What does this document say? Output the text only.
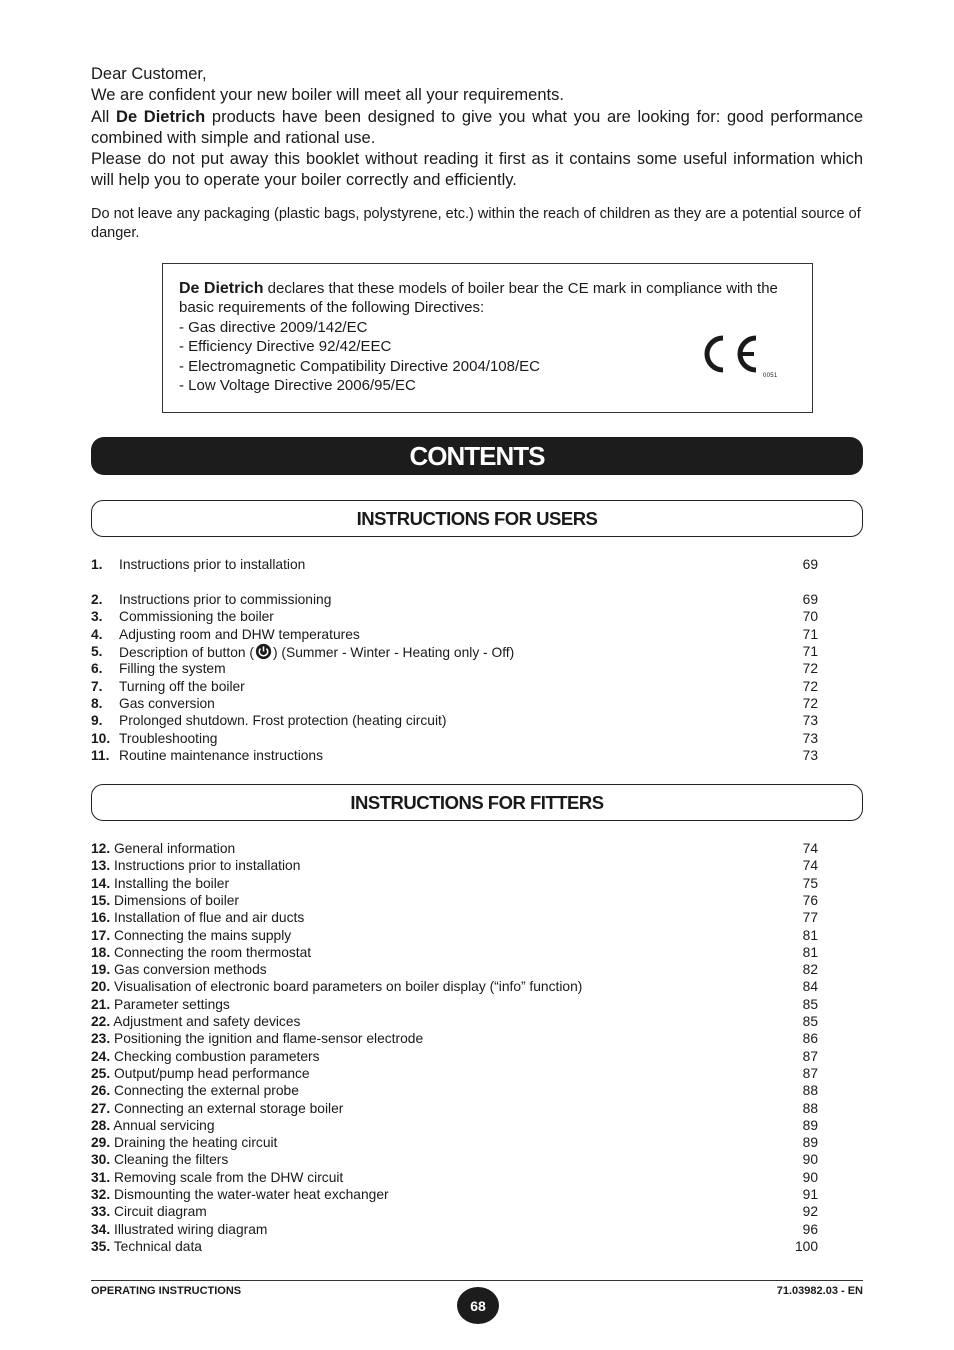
Dear Customer,

We are confident your new boiler will meet all your requirements.

All De Dietrich products have been designed to give you what you are looking for: good performance combined with simple and rational use.

Please do not put away this booklet without reading it first as it contains some useful information which will help you to operate your boiler correctly and efficiently.

Do not leave any packaging (plastic bags, polystyrene, etc.) within the reach of children as they are a potential source of danger.

De Dietrich declares that these models of boiler bear the CE mark in compliance with the basic requirements of the following Directives:

- Gas directive 2009/142/EC
- Efficiency Directive 92/42/EEC
- Electromagnetic Compatibility Directive 2004/108/EC
- Low Voltage Directive 2006/95/EC
0051
CONTENTS
INSTRUCTIONS FOR USERS
1. Instructions prior to installation	69
2. Instructions prior to commissioning	69
3. Commissioning the boiler	70
4. Adjusting room and DHW temperatures	71
5. Description of button ( ) (Summer - Winter - Heating only - Off)	71
6. Filling the system	72
7. Turning off the boiler	72
8. Gas conversion	72
9. Prolonged shutdown. Frost protection (heating circuit)	73
10. Troubleshooting	73
11. Routine maintenance instructions	73
INSTRUCTIONS FOR FITTERS
12. General information	74
13. Instructions prior to installation	74
14. Installing the boiler	75
15. Dimensions of boiler	76
16. Installation of flue and air ducts	77
17. Connecting the mains supply	81
18. Connecting the room thermostat	81
19. Gas conversion methods	82
20. Visualisation of electronic board parameters on boiler display (“info” function)	84
21. Parameter settings	85
22. Adjustment and safety devices	85
23. Positioning the ignition and flame-sensor electrode	86
24. Checking combustion parameters	87
25. Output/pump head performance	87
26. Connecting the external probe	88
27. Connecting an external storage boiler	88
28. Annual servicing	89
29. Draining the heating circuit	89
30. Cleaning the filters	90
31. Removing scale from the DHW circuit	90
32. Dismounting the water-water heat exchanger	91
33. Circuit diagram	92
34. Illustrated wiring diagram	96
35. Technical data	100
OPERATING INSTRUCTIONS
68
71.03982.03 - EN
